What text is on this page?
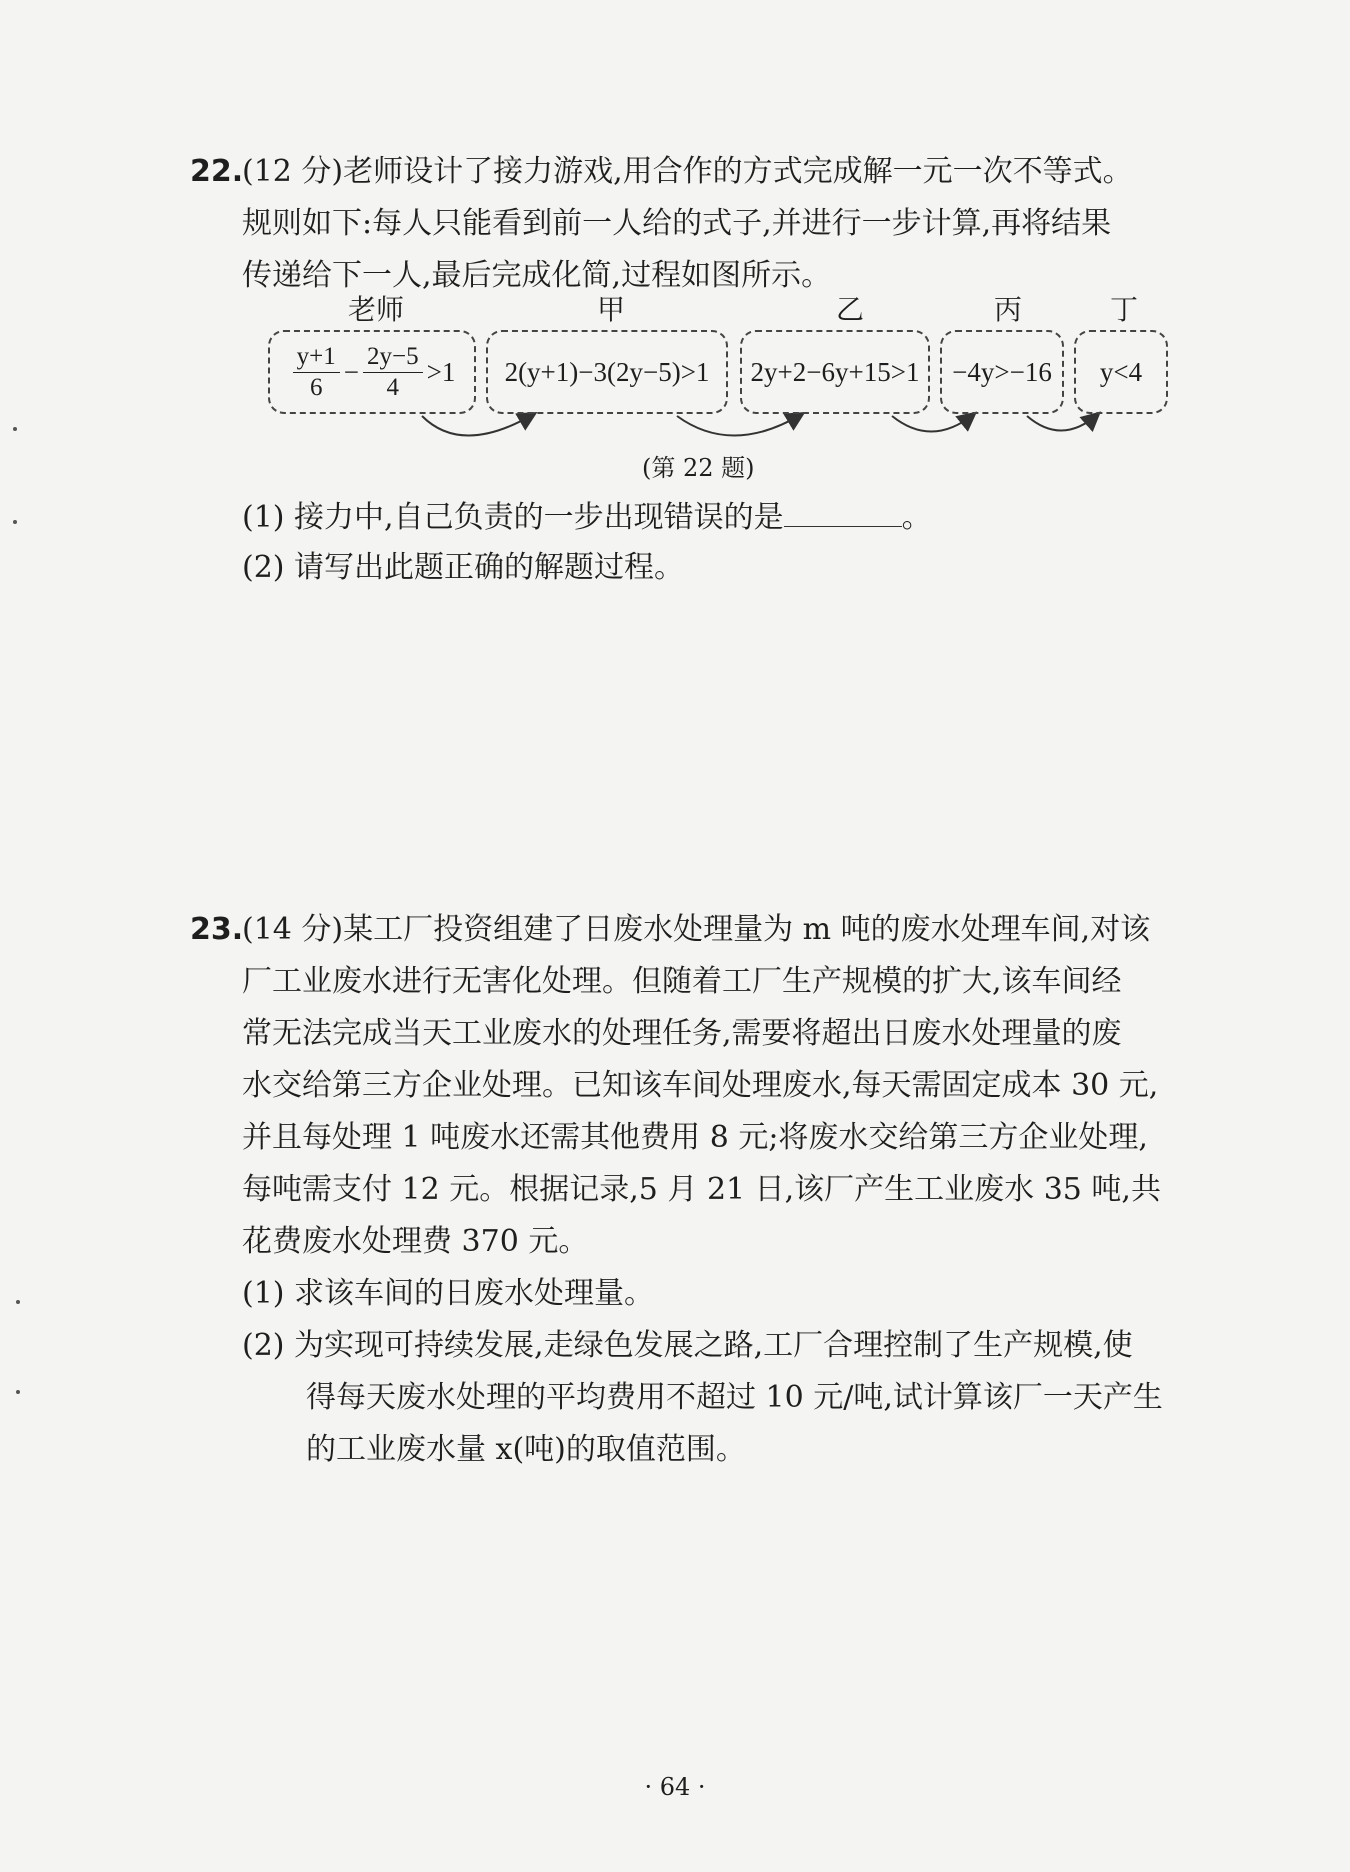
22.
(12 分)老师设计了接力游戏,用合作的方式完成解一元一次不等式。
规则如下:每人只能看到前一人给的式子,并进行一步计算,再将结果
传递给下一人,最后完成化简,过程如图所示。
老师	甲	乙	丙	丁
$\frac{y+1}{6} - \frac{2y-5}{4} >1$	2(y+1)−3(2y−5)>1	2y+2−6y+15>1	−4y>−16	y<4
(第 22 题)
(1) 接力中,自己负责的一步出现错误的是	。
(2) 请写出此题正确的解题过程。
23.
(14 分)某工厂投资组建了日废水处理量为 m 吨的废水处理车间,对该
厂工业废水进行无害化处理。但随着工厂生产规模的扩大,该车间经
常无法完成当天工业废水的处理任务,需要将超出日废水处理量的废
水交给第三方企业处理。已知该车间处理废水,每天需固定成本 30 元,
并且每处理 1 吨废水还需其他费用 8 元;将废水交给第三方企业处理,
每吨需支付 12 元。根据记录,5 月 21 日,该厂产生工业废水 35 吨,共
花费废水处理费 370 元。
(1) 求该车间的日废水处理量。
(2) 为实现可持续发展,走绿色发展之路,工厂合理控制了生产规模,使
得每天废水处理的平均费用不超过 10 元/吨,试计算该厂一天产生
的工业废水量 x(吨)的取值范围。
· 64 ·
